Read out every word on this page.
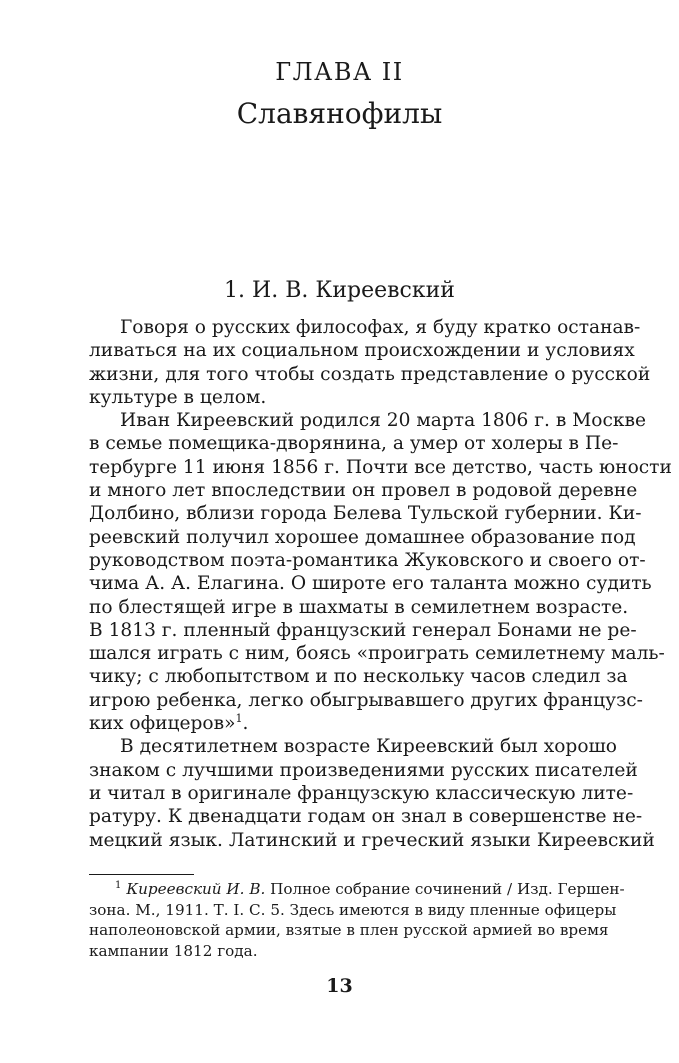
ГЛАВА II
Славянофилы
1. И. В. Киреевский
Говоря о русских философах, я буду кратко останав-
ливаться на их социальном происхождении и условиях
жизни, для того чтобы создать представление о русской
культуре в целом.
Иван Киреевский родился 20 марта 1806 г. в Москве
в семье помещика-дворянина, а умер от холеры в Пе-
тербурге 11 июня 1856 г. Почти все детство, часть юности
и много лет впоследствии он провел в родовой деревне
Долбино, вблизи города Белева Тульской губернии. Ки-
реевский получил хорошее домашнее образование под
руководством поэта-романтика Жуковского и своего от-
чима А. А. Елагина. О широте его таланта можно судить
по блестящей игре в шахматы в семилетнем возрасте.
В 1813 г. пленный французский генерал Бонами не ре-
шался играть с ним, боясь «проиграть семилетнему маль-
чику; с любопытством и по нескольку часов следил за
игрою ребенка, легко обыгрывавшего других французс-
ких офицеров»$^1$.
В десятилетнем возрасте Киреевский был хорошо
знаком с лучшими произведениями русских писателей
и читал в оригинале французскую классическую лите-
ратуру. К двенадцати годам он знал в совершенстве не-
мецкий язык. Латинский и греческий языки Киреевский
$^1$ Киреевский И. В. Полное собрание сочинений / Изд. Гершен-
зона. М., 1911. Т. I. С. 5. Здесь имеются в виду пленные офицеры
наполеоновской армии, взятые в плен русской армией во время
кампании 1812 года.
13
